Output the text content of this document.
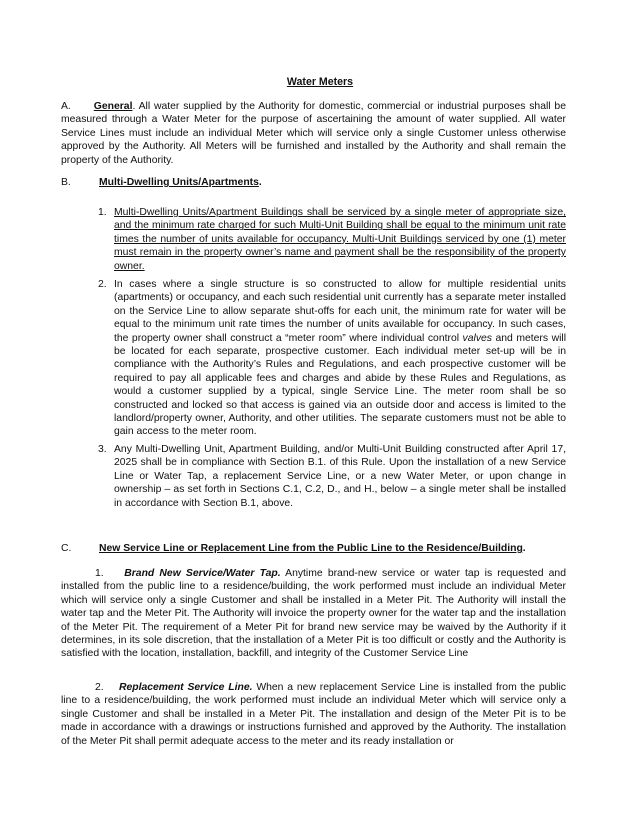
Water Meters
A. General. All water supplied by the Authority for domestic, commercial or industrial purposes shall be measured through a Water Meter for the purpose of ascertaining the amount of water supplied. All water Service Lines must include an individual Meter which will service only a single Customer unless otherwise approved by the Authority. All Meters will be furnished and installed by the Authority and shall remain the property of the Authority.
B.	Multi-Dwelling Units/Apartments.
1. Multi-Dwelling Units/Apartment Buildings shall be serviced by a single meter of appropriate size, and the minimum rate charged for such Multi-Unit Building shall be equal to the minimum unit rate times the number of units available for occupancy. Multi-Unit Buildings serviced by one (1) meter must remain in the property owner’s name and payment shall be the responsibility of the property owner.
2. In cases where a single structure is so constructed to allow for multiple residential units (apartments) or occupancy, and each such residential unit currently has a separate meter installed on the Service Line to allow separate shut-offs for each unit, the minimum rate for water will be equal to the minimum unit rate times the number of units available for occupancy. In such cases, the property owner shall construct a “meter room” where individual control valves and meters will be located for each separate, prospective customer. Each individual meter set-up will be in compliance with the Authority’s Rules and Regulations, and each prospective customer will be required to pay all applicable fees and charges and abide by these Rules and Regulations, as would a customer supplied by a typical, single Service Line. The meter room shall be so constructed and locked so that access is gained via an outside door and access is limited to the landlord/property owner, Authority, and other utilities. The separate customers must not be able to gain access to the meter room.
3. Any Multi-Dwelling Unit, Apartment Building, and/or Multi-Unit Building constructed after April 17, 2025 shall be in compliance with Section B.1. of this Rule. Upon the installation of a new Service Line or Water Tap, a replacement Service Line, or a new Water Meter, or upon change in ownership – as set forth in Sections C.1, C.2, D., and H., below – a single meter shall be installed in accordance with Section B.1, above.
C.	New Service Line or Replacement Line from the Public Line to the Residence/Building.
1. Brand New Service/Water Tap. Anytime brand-new service or water tap is requested and installed from the public line to a residence/building, the work performed must include an individual Meter which will service only a single Customer and shall be installed in a Meter Pit. The Authority will install the water tap and the Meter Pit. The Authority will invoice the property owner for the water tap and the installation of the Meter Pit. The requirement of a Meter Pit for brand new service may be waived by the Authority if it determines, in its sole discretion, that the installation of a Meter Pit is too difficult or costly and the Authority is satisfied with the location, installation, backfill, and integrity of the Customer Service Line
2. Replacement Service Line. When a new replacement Service Line is installed from the public line to a residence/building, the work performed must include an individual Meter which will service only a single Customer and shall be installed in a Meter Pit. The installation and design of the Meter Pit is to be made in accordance with a drawings or instructions furnished and approved by the Authority. The installation of the Meter Pit shall permit adequate access to the meter and its ready installation or
